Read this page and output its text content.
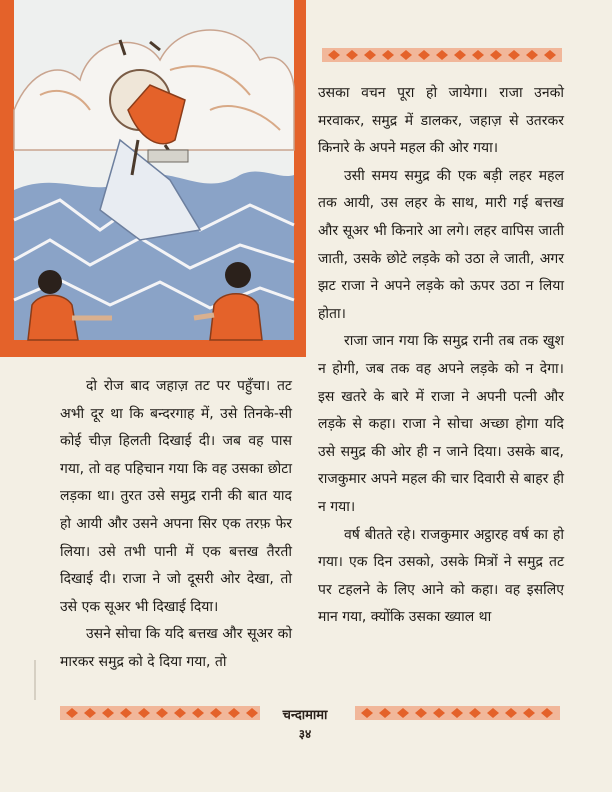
उसका वचन पूरा हो जायेगा। राजा उनको मरवाकर, समुद्र में डालकर, जहाज़ से उतरकर किनारे के अपने महल की ओर गया।

उसी समय समुद्र की एक बड़ी लहर महल तक आयी, उस लहर के साथ, मारी गई बत्तख और सूअर भी किनारे आ लगे। लहर वापिस जाती जाती, उसके छोटे लड़के को उठा ले जाती, अगर झट राजा ने अपने लड़के को ऊपर उठा न लिया होता।

राजा जान गया कि समुद्र रानी तब तक खुश न होगी, जब तक वह अपने लड़के को न देगा। इस खतरे के बारे में राजा ने अपनी पत्नी और लड़के से कहा। राजा ने सोचा अच्छा होगा यदि उसे समुद्र की ओर ही न जाने दिया। उसके बाद, राजकुमार अपने महल की चार दिवारी से बाहर ही न गया।

वर्ष बीतते रहे। राजकुमार अट्ठारह वर्ष का हो गया। एक दिन उसको, उसके मित्रों ने समुद्र तट पर टहलने के लिए आने को कहा। वह इसलिए मान गया, क्योंकि उसका ख्याल था

दो रोज बाद जहाज़ तट पर पहुँचा। तट अभी दूर था कि बन्दरगाह में, उसे तिनके-सी कोई चीज़ हिलती दिखाई दी। जब वह पास गया, तो वह पहिचान गया कि वह उसका छोटा लड़का था। तुरत उसे समुद्र रानी की बात याद हो आयी और उसने अपना सिर एक तरफ़ फेर लिया। उसे तभी पानी में एक बत्तख तैरती दिखाई दी। राजा ने जो दूसरी ओर देखा, तो उसे एक सूअर भी दिखाई दिया।

उसने सोचा कि यदि बत्तख और सूअर को मारकर समुद्र को दे दिया गया, तो

चन्दामामा
३४
